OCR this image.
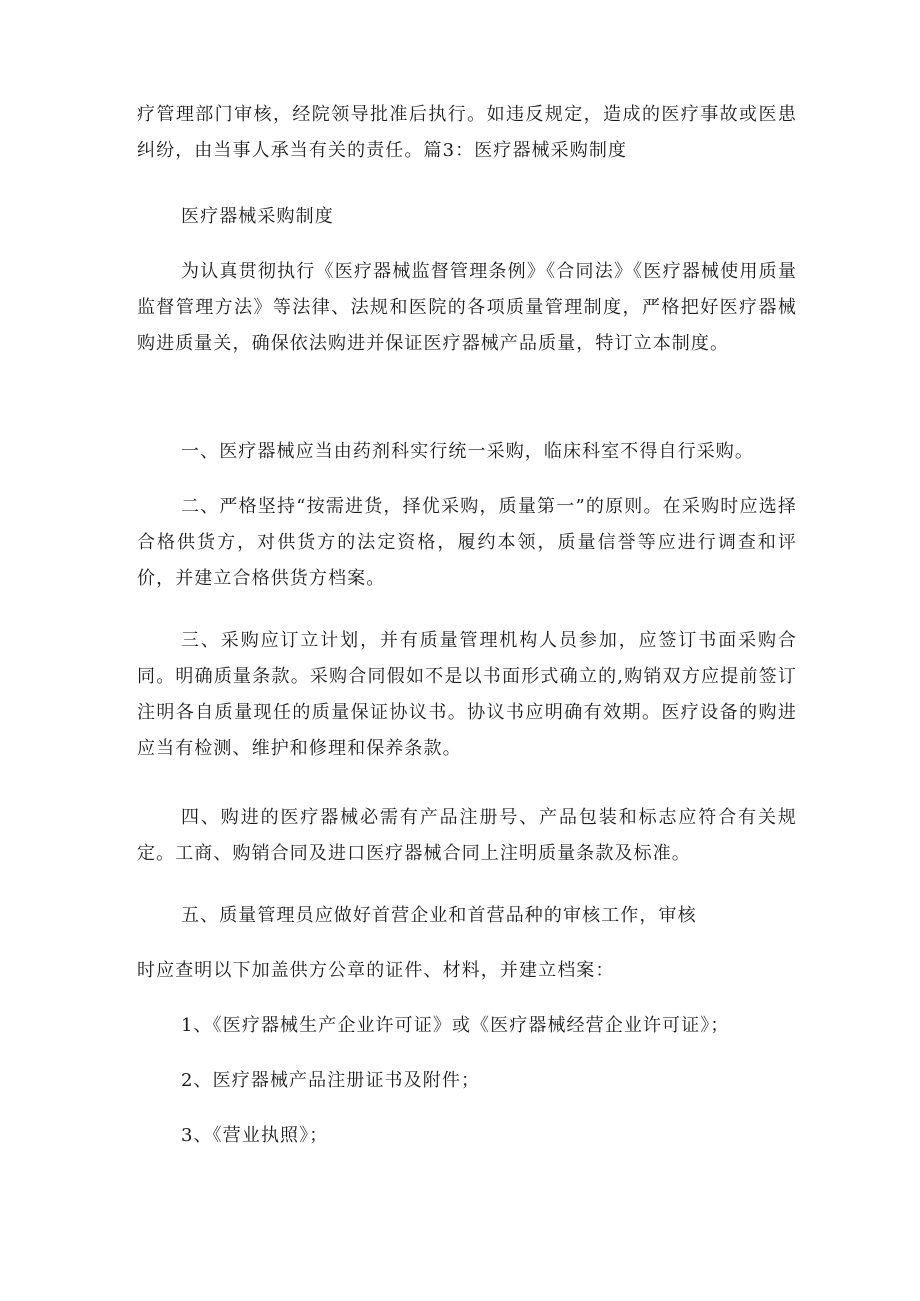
疗管理部门审核，经院领导批准后执行。如违反规定，造成的医疗事故或医患纠纷，由当事人承当有关的责任。篇3：医疗器械采购制度

医疗器械采购制度

为认真贯彻执行《医疗器械监督管理条例》《合同法》《医疗器械使用质量监督管理方法》等法律、法规和医院的各项质量管理制度，严格把好医疗器械购进质量关，确保依法购进并保证医疗器械产品质量，特订立本制度。

一、医疗器械应当由药剂科实行统一采购，临床科室不得自行采购。

二、严格坚持“按需进货，择优采购，质量第一”的原则。在采购时应选择合格供货方，对供货方的法定资格，履约本领，质量信誉等应进行调查和评价，并建立合格供货方档案。

三、采购应订立计划，并有质量管理机构人员参加，应签订书面采购合同。明确质量条款。采购合同假如不是以书面形式确立的,购销双方应提前签订注明各自质量现任的质量保证协议书。协议书应明确有效期。医疗设备的购进应当有检测、维护和修理和保养条款。

四、购进的医疗器械必需有产品注册号、产品包装和标志应符合有关规定。工商、购销合同及进口医疗器械合同上注明质量条款及标准。

五、质量管理员应做好首营企业和首营品种的审核工作，审核

时应查明以下加盖供方公章的证件、材料，并建立档案：

1、《医疗器械生产企业许可证》或《医疗器械经营企业许可证》；

2、医疗器械产品注册证书及附件；

3、《营业执照》；
